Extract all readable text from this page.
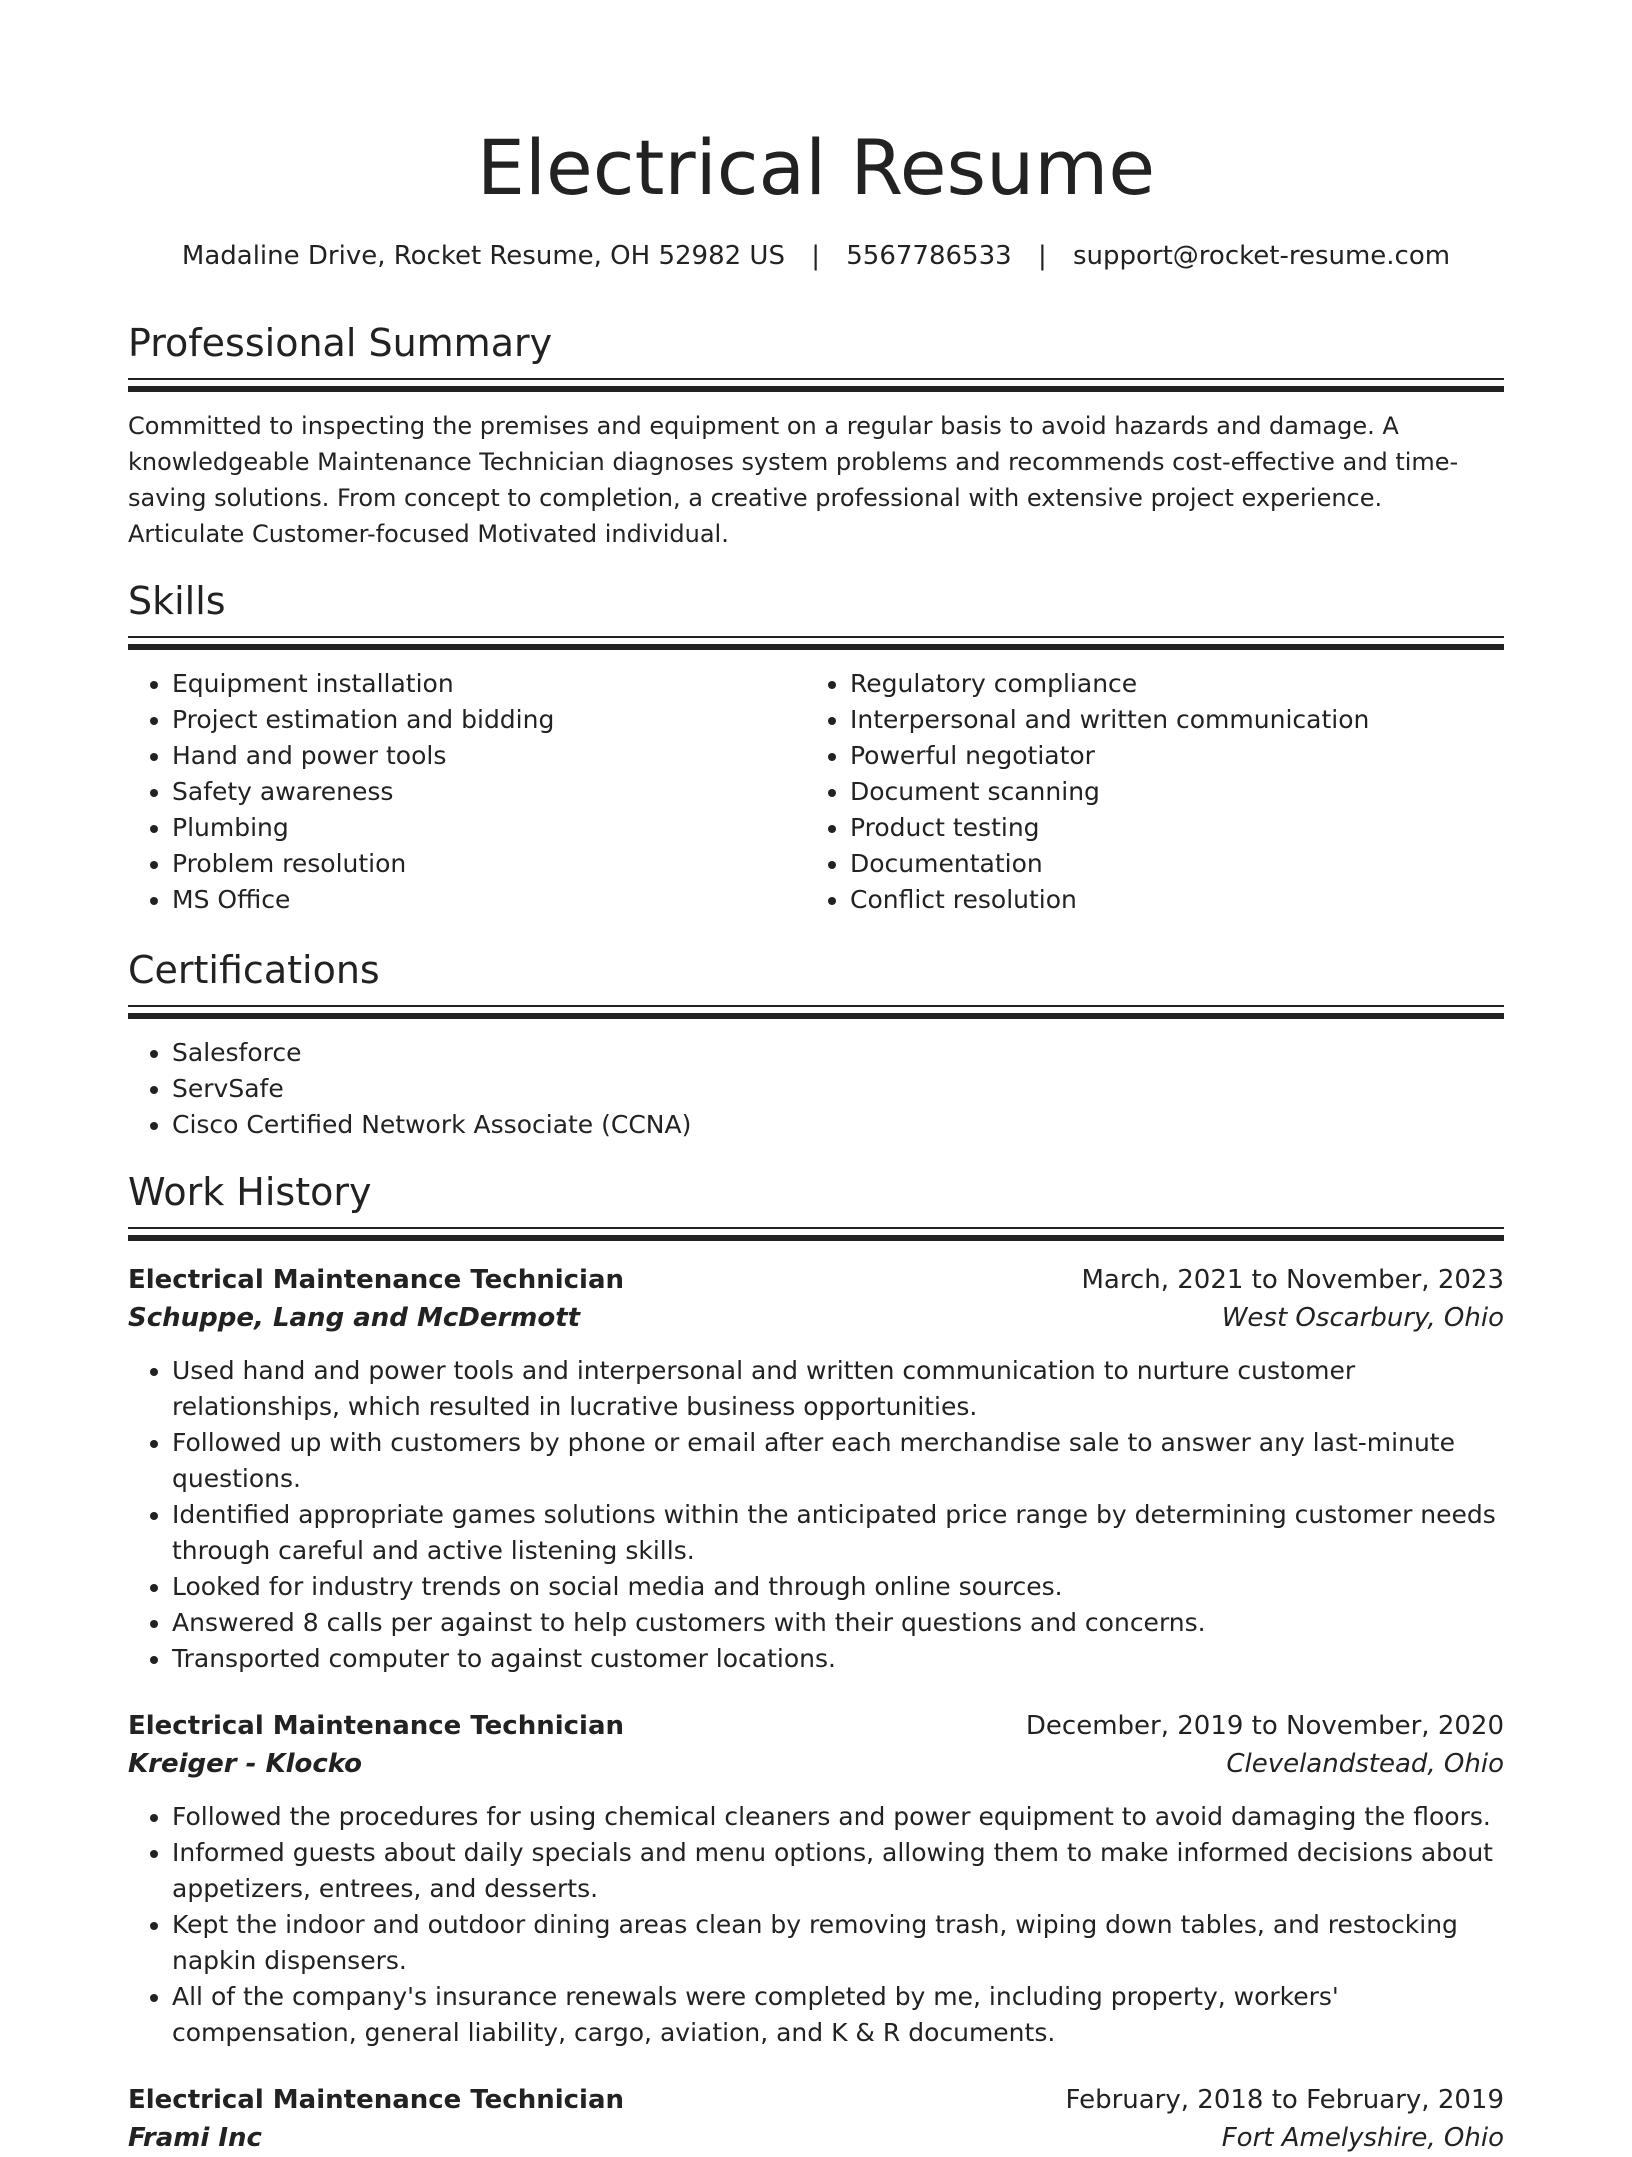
Electrical Resume
Madaline Drive, Rocket Resume, OH 52982 US | 5567786533 | support@rocket-resume.com
Professional Summary

Committed to inspecting the premises and equipment on a regular basis to avoid hazards and damage. A knowledgeable Maintenance Technician diagnoses system problems and recommends cost-effective and time-saving solutions. From concept to completion, a creative professional with extensive project experience. Articulate Customer-focused Motivated individual.

Skills
• Equipment installation
• Project estimation and bidding
• Hand and power tools
• Safety awareness
• Plumbing
• Problem resolution
• MS Office
• Regulatory compliance
• Interpersonal and written communication
• Powerful negotiator
• Document scanning
• Product testing
• Documentation
• Conflict resolution
Certifications
• Salesforce
• ServSafe
• Cisco Certified Network Associate (CCNA)
Work History
Electrical Maintenance Technician	March, 2021 to November, 2023
Schuppe, Lang and McDermott	West Oscarbury, Ohio
• Used hand and power tools and interpersonal and written communication to nurture customer relationships, which resulted in lucrative business opportunities.
• Followed up with customers by phone or email after each merchandise sale to answer any last-minute questions.
• Identified appropriate games solutions within the anticipated price range by determining customer needs through careful and active listening skills.
• Looked for industry trends on social media and through online sources.
• Answered 8 calls per against to help customers with their questions and concerns.
• Transported computer to against customer locations.
Electrical Maintenance Technician	December, 2019 to November, 2020
Kreiger - Klocko	Clevelandstead, Ohio
• Followed the procedures for using chemical cleaners and power equipment to avoid damaging the floors.
• Informed guests about daily specials and menu options, allowing them to make informed decisions about appetizers, entrees, and desserts.
• Kept the indoor and outdoor dining areas clean by removing trash, wiping down tables, and restocking napkin dispensers.
• All of the company's insurance renewals were completed by me, including property, workers' compensation, general liability, cargo, aviation, and K & R documents.
Electrical Maintenance Technician	February, 2018 to February, 2019
Frami Inc	Fort Amelyshire, Ohio
